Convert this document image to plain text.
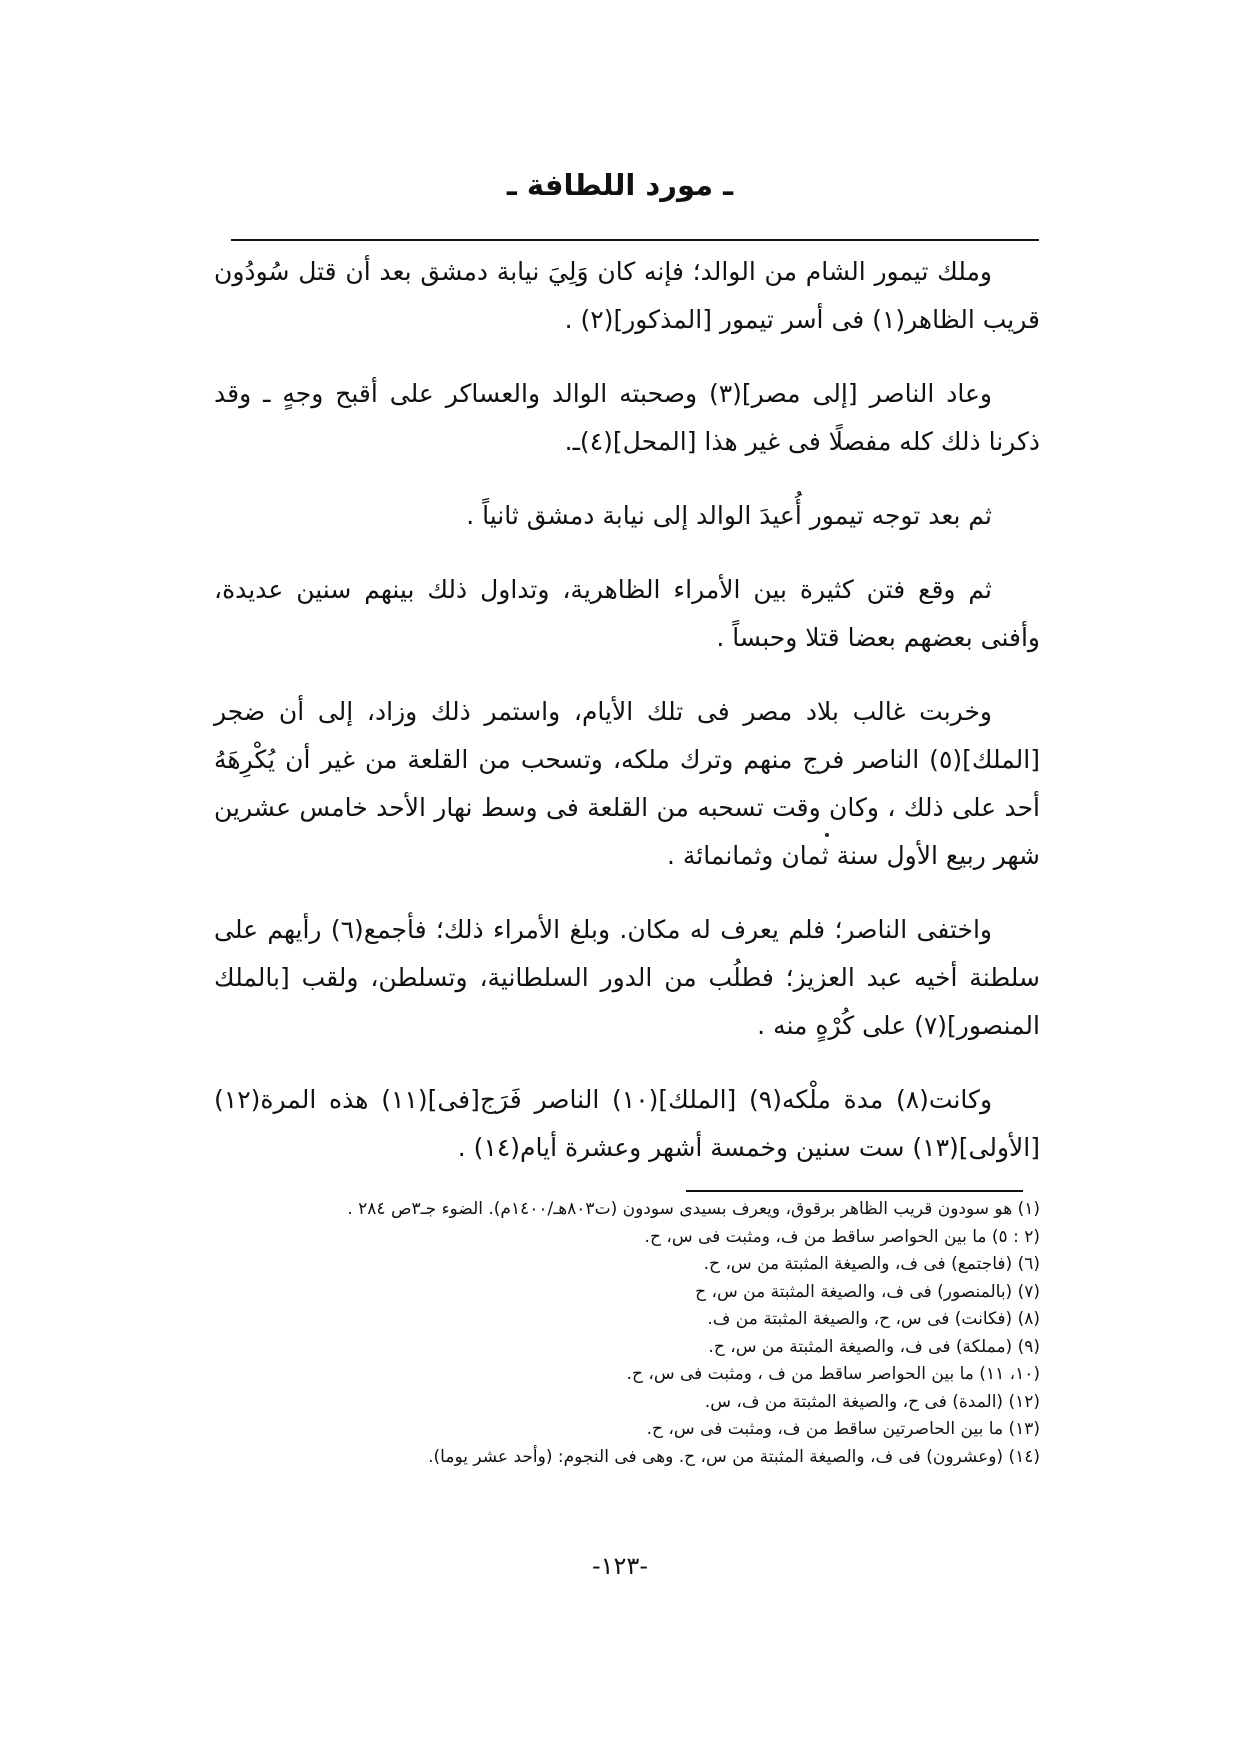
ـ مورد اللطافة ـ

وملك تيمور الشام من الوالد؛ فإنه كان وَلِيَ نيابة دمشق بعد أن قتل سُودُون قريب الظاهر(١) فى أسر تيمور [المذكور](٢) .

وعاد الناصر [إلى مصر](٣) وصحبته الوالد والعساكر على أقبح وجهٍ ـ وقد ذكرنا ذلك كله مفصلًا فى غير هذا [المحل](٤)ـ.

ثم بعد توجه تيمور أُعيدَ الوالد إلى نيابة دمشق ثانياً .

ثم وقع فتن كثيرة بين الأمراء الظاهرية، وتداول ذلك بينهم سنين عديدة، وأفنى بعضهم بعضا قتلا وحبساً .

وخربت غالب بلاد مصر فى تلك الأيام، واستمر ذلك وزاد، إلى أن ضجر [الملك](٥) الناصر فرج منهم وترك ملكه، وتسحب من القلعة من غير أن يُكْرِهَهُ أحد على ذلك ، وكان وقت تسحبه من القلعة فى وسط نهار الأحد خامس عشرين شهر ربيع الأول سنة ثمان وثمانمائة .

واختفى الناصر؛ فلم يعرف له مكان. وبلغ الأمراء ذلك؛ فأجمع(٦) رأيهم على سلطنة أخيه عبد العزيز؛ فطلُب من الدور السلطانية، وتسلطن، ولقب [بالملك المنصور](٧) على كُرْهٍ منه .

وكانت(٨) مدة ملْكه(٩) [الملك](١٠) الناصر فَرَج[فى](١١) هذه المرة(١٢) [الأولى](١٣) ست سنين وخمسة أشهر وعشرة أيام(١٤) .

(١) هو سودون قريب الظاهر برقوق، ويعرف بسيدى سودون (ت٨٠٣هـ/١٤٠٠م). الضوء جـ٣ص ٢٨٤ .
(٢ : ٥) ما بين الحواصر ساقط من ف، ومثبت فى س، ح.
(٦) (فاجتمع) فى ف، والصيغة المثبتة من س، ح.
(٧) (بالمنصور) فى ف، والصيغة المثبتة من س، ح
(٨) (فكانت) فى س، ح، والصيغة المثبتة من ف.
(٩) (مملكة) فى ف، والصيغة المثبتة من س، ح.
(١٠، ١١) ما بين الحواصر ساقط من ف ، ومثبت فى س، ح.
(١٢) (المدة) فى ح، والصيغة المثبتة من ف، س.
(١٣) ما بين الحاصرتين ساقط من ف، ومثبت فى س، ح.
(١٤) (وعشرون) فى ف، والصيغة المثبتة من س، ح. وهى فى النجوم: (وأحد عشر يوما).
-١٢٣-
